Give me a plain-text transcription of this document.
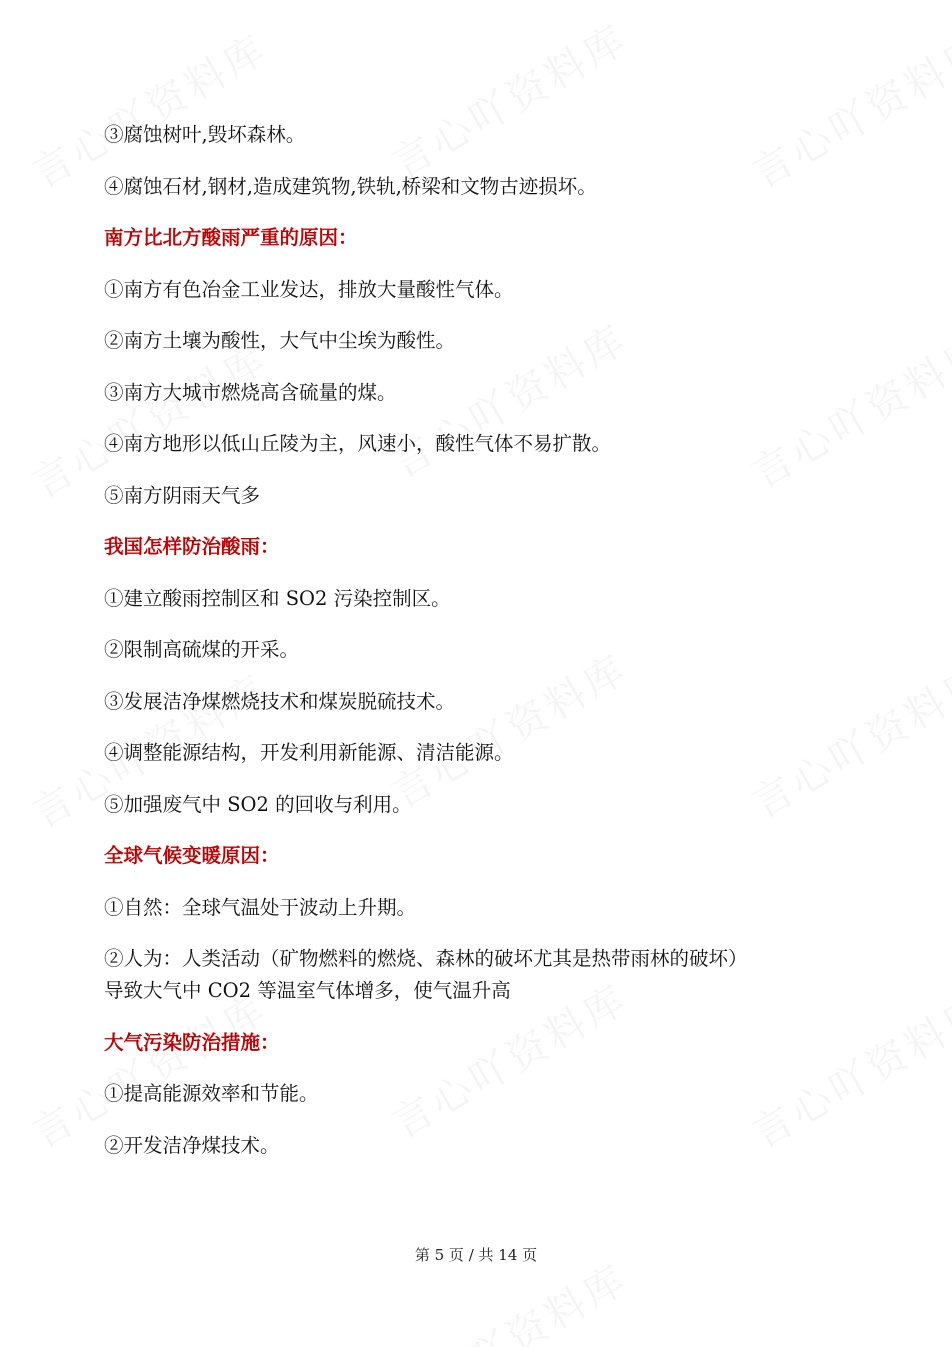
③腐蚀树叶,毁坏森林。
④腐蚀石材,钢材,造成建筑物,铁轨,桥梁和文物古迹损坏。
南方比北方酸雨严重的原因：
①南方有色冶金工业发达，排放大量酸性气体。
②南方土壤为酸性，大气中尘埃为酸性。
③南方大城市燃烧高含硫量的煤。
④南方地形以低山丘陵为主，风速小，酸性气体不易扩散。
⑤南方阴雨天气多
我国怎样防治酸雨：
①建立酸雨控制区和 SO2 污染控制区。
②限制高硫煤的开采。
③发展洁净煤燃烧技术和煤炭脱硫技术。
④调整能源结构，开发利用新能源、清洁能源。
⑤加强废气中 SO2 的回收与利用。
全球气候变暖原因：
①自然：全球气温处于波动上升期。
②人为：人类活动（矿物燃料的燃烧、森林的破坏尤其是热带雨林的破坏）
导致大气中 CO2 等温室气体增多，使气温升高
大气污染防治措施：
①提高能源效率和节能。
②开发洁净煤技术。
第 5 页 / 共 14 页
